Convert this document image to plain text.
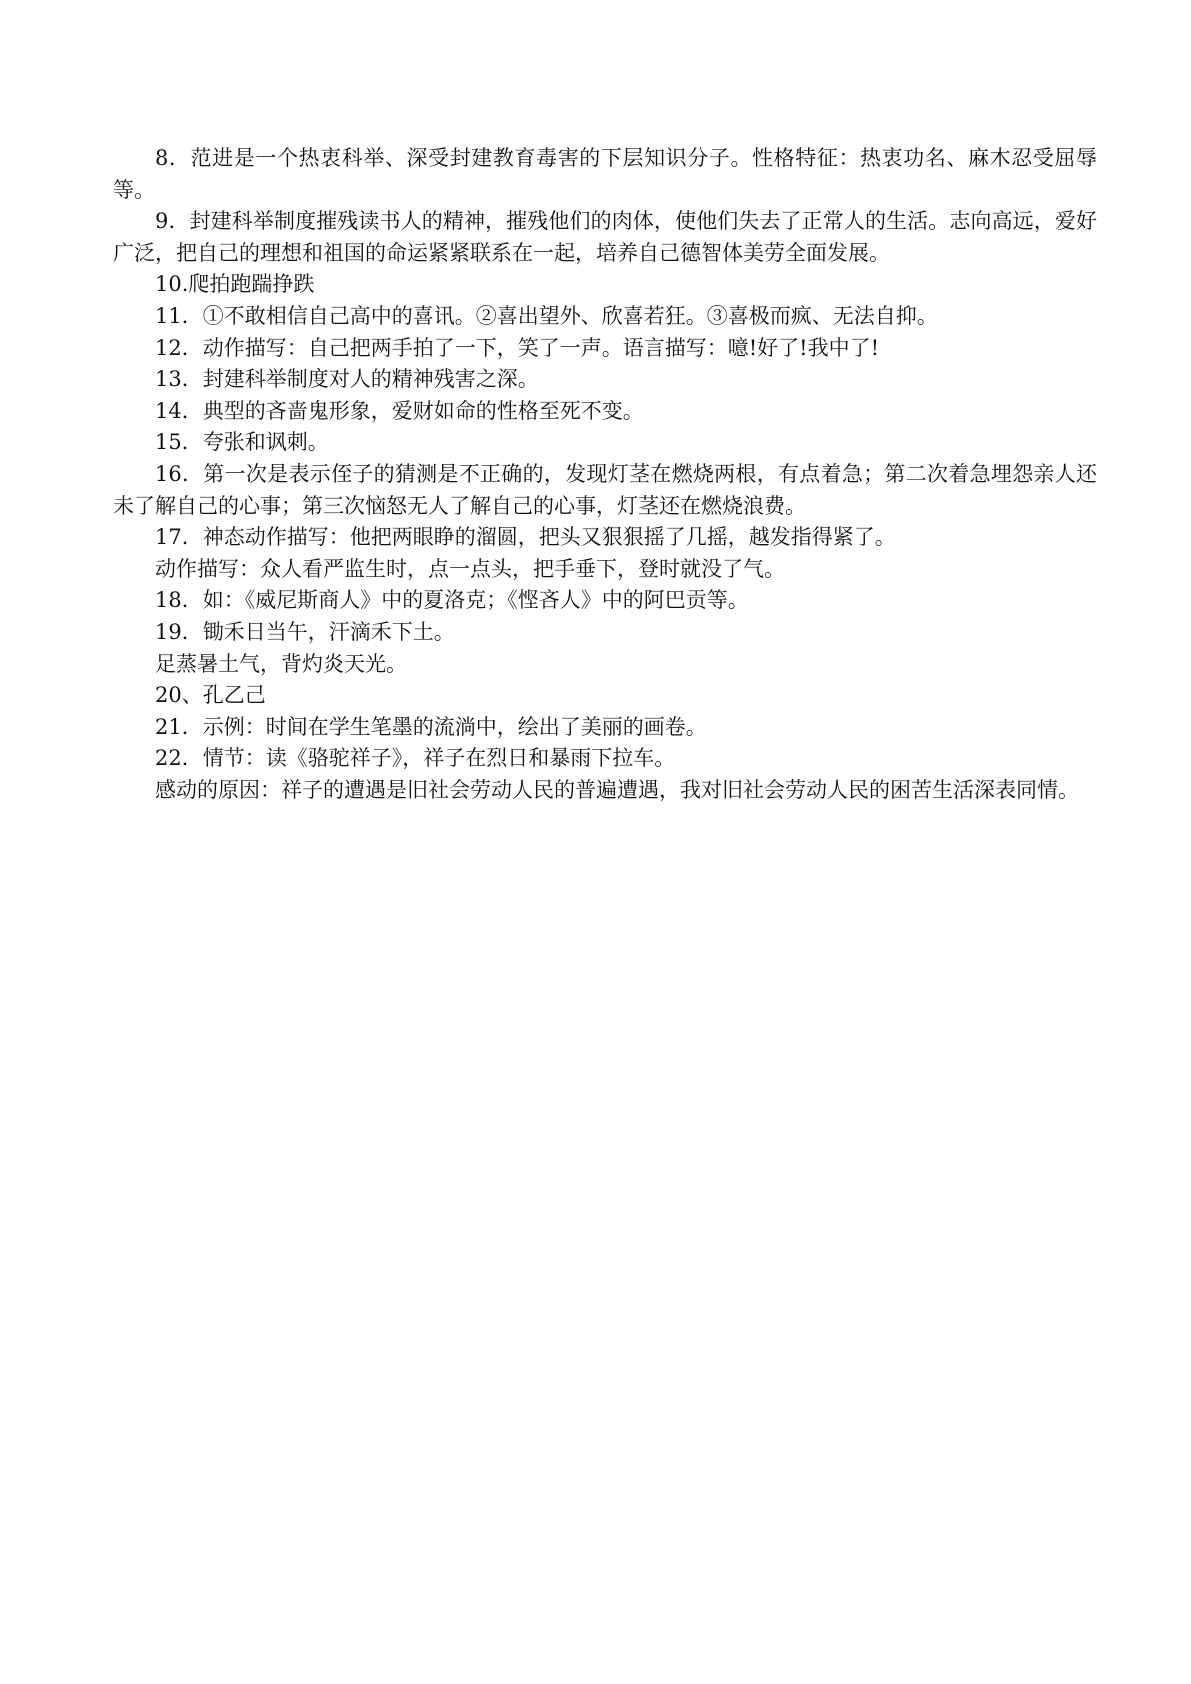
8．范进是一个热衷科举、深受封建教育毒害的下层知识分子。性格特征：热衷功名、麻木忍受屈辱等。

9．封建科举制度摧残读书人的精神，摧残他们的肉体，使他们失去了正常人的生活。志向高远，爱好广泛，把自己的理想和祖国的命运紧紧联系在一起，培养自己德智体美劳全面发展。

10.爬拍跑踹挣跌

11．①不敢相信自己高中的喜讯。②喜出望外、欣喜若狂。③喜极而疯、无法自抑。

12．动作描写：自己把两手拍了一下，笑了一声。语言描写：噫!好了!我中了!

13．封建科举制度对人的精神残害之深。

14．典型的吝啬鬼形象，爱财如命的性格至死不变。

15．夸张和讽刺。

16．第一次是表示侄子的猜测是不正确的，发现灯茎在燃烧两根，有点着急；第二次着急埋怨亲人还未了解自己的心事；第三次恼怒无人了解自己的心事，灯茎还在燃烧浪费。

17．神态动作描写：他把两眼睁的溜圆，把头又狠狠摇了几摇，越发指得紧了。

动作描写：众人看严监生时，点一点头，把手垂下，登时就没了气。

18．如：《威尼斯商人》中的夏洛克；《悭吝人》中的阿巴贡等。

19．锄禾日当午，汗滴禾下土。

足蒸暑土气，背灼炎天光。

20、孔乙己

21．示例：时间在学生笔墨的流淌中，绘出了美丽的画卷。

22．情节：读《骆驼祥子》，祥子在烈日和暴雨下拉车。

感动的原因：祥子的遭遇是旧社会劳动人民的普遍遭遇，我对旧社会劳动人民的困苦生活深表同情。
